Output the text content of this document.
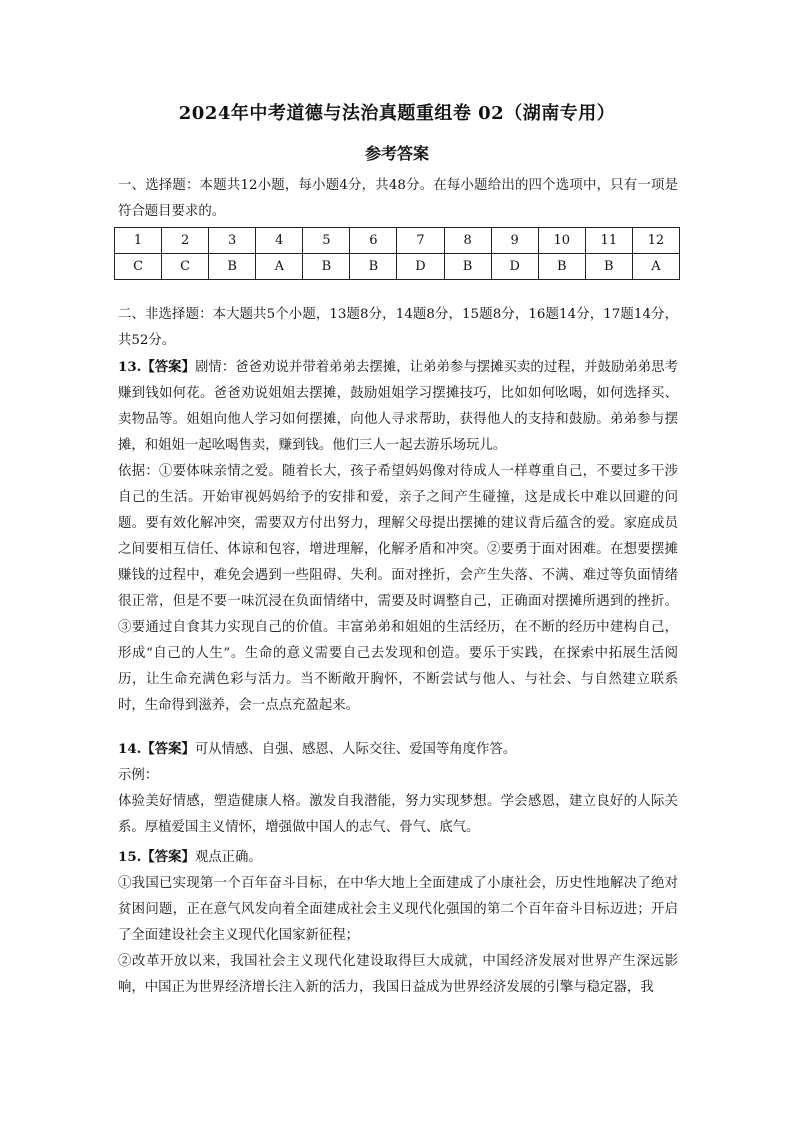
2024年中考道德与法治真题重组卷 02（湖南专用）
参考答案

一、选择题：本题共12小题，每小题4分，共48分。在每小题给出的四个选项中，只有一项是符合题目要求的。

1	2	3	4	5	6	7	8	9	10	11	12
C	C	B	A	B	B	D	B	D	B	B	A

二、非选择题：本大题共5个小题，13题8分，14题8分，15题8分，16题14分，17题14分，共52分。

13.【答案】剧情：爸爸劝说并带着弟弟去摆摊，让弟弟参与摆摊买卖的过程，并鼓励弟弟思考赚到钱如何花。爸爸劝说姐姐去摆摊，鼓励姐姐学习摆摊技巧，比如如何吆喝，如何选择买、卖物品等。姐姐向他人学习如何摆摊，向他人寻求帮助，获得他人的支持和鼓励。弟弟参与摆摊，和姐姐一起吆喝售卖，赚到钱。他们三人一起去游乐场玩儿。

依据：①要体味亲情之爱。随着长大，孩子希望妈妈像对待成人一样尊重自己，不要过多干涉自己的生活。开始审视妈妈给予的安排和爱，亲子之间产生碰撞，这是成长中难以回避的问题。要有效化解冲突，需要双方付出努力，理解父母提出摆摊的建议背后蕴含的爱。家庭成员之间要相互信任、体谅和包容，增进理解，化解矛盾和冲突。②要勇于面对困难。在想要摆摊赚钱的过程中，难免会遇到一些阻碍、失利。面对挫折，会产生失落、不满、难过等负面情绪很正常，但是不要一味沉浸在负面情绪中，需要及时调整自己，正确面对摆摊所遇到的挫折。③要通过自食其力实现自己的价值。丰富弟弟和姐姐的生活经历，在不断的经历中建构自己，形成“自己的人生”。生命的意义需要自己去发现和创造。要乐于实践，在探索中拓展生活阅历，让生命充满色彩与活力。当不断敞开胸怀，不断尝试与他人、与社会、与自然建立联系时，生命得到滋养，会一点点充盈起来。

14.【答案】可从情感、自强、感恩、人际交往、爱国等角度作答。

示例：

体验美好情感，塑造健康人格。激发自我潜能，努力实现梦想。学会感恩，建立良好的人际关系。厚植爱国主义情怀，增强做中国人的志气、骨气、底气。

15.【答案】观点正确。

①我国已实现第一个百年奋斗目标，在中华大地上全面建成了小康社会，历史性地解决了绝对贫困问题，正在意气风发向着全面建成社会主义现代化强国的第二个百年奋斗目标迈进；开启了全面建设社会主义现代化国家新征程；

②改革开放以来，我国社会主义现代化建设取得巨大成就，中国经济发展对世界产生深远影响，中国正为世界经济增长注入新的活力，我国日益成为世界经济发展的引擎与稳定器，我
